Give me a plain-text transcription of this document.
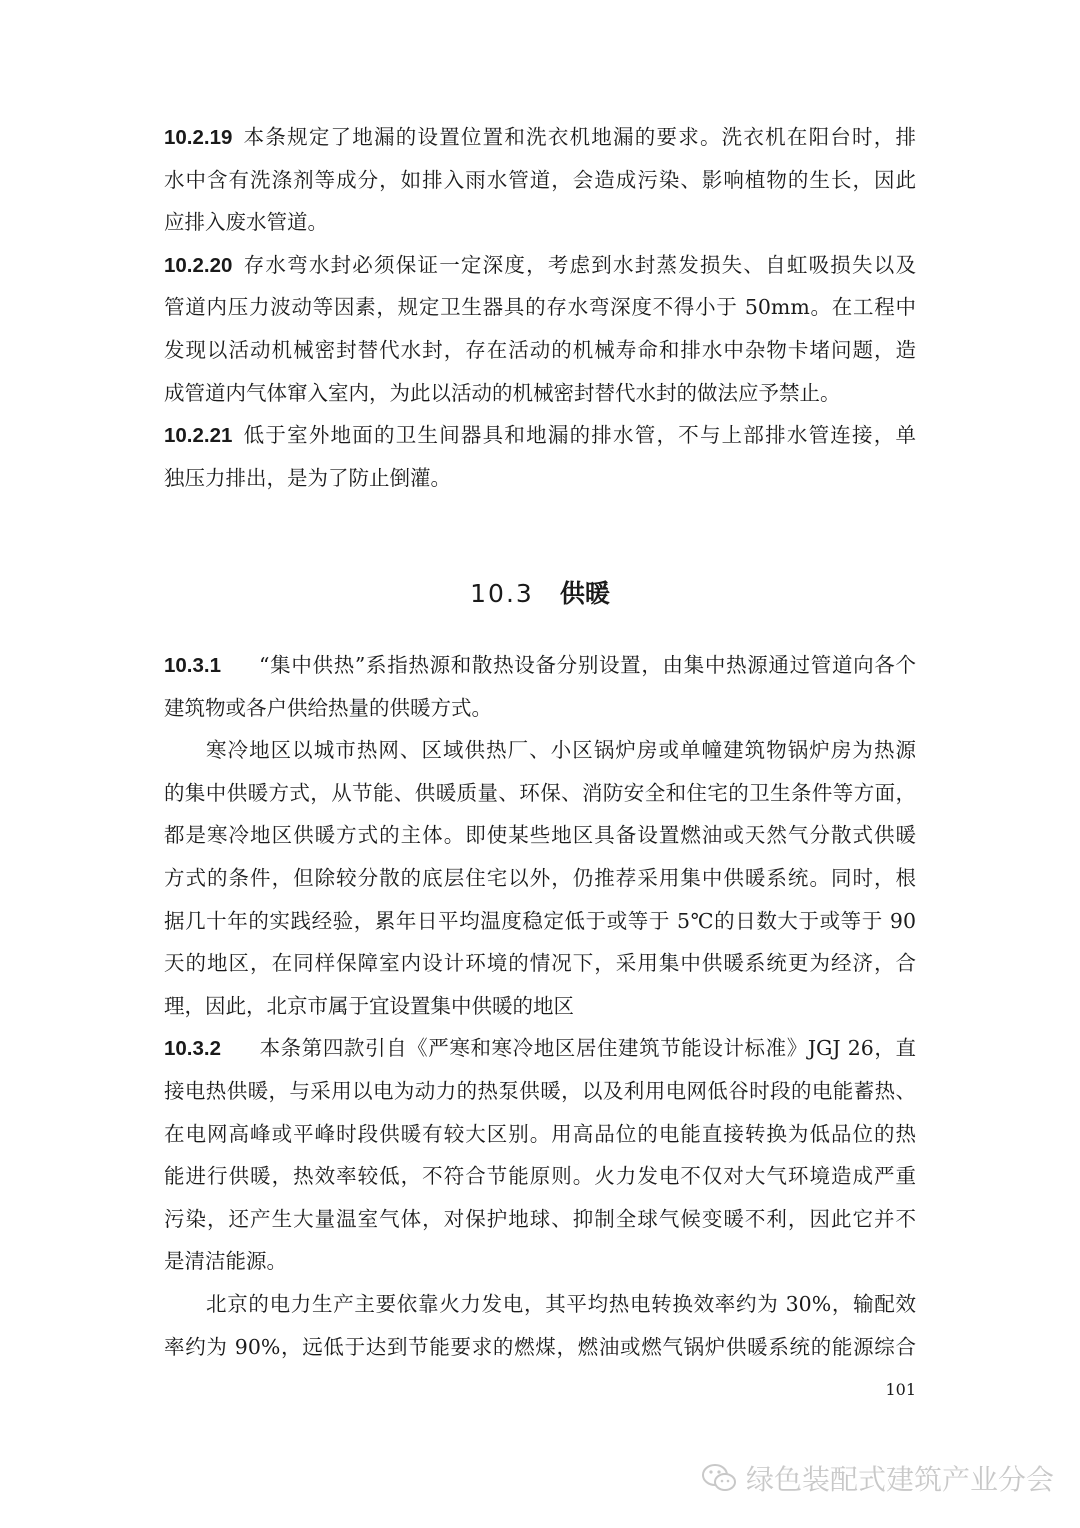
10.2.19 本条规定了地漏的设置位置和洗衣机地漏的要求。洗衣机在阳台时，排
水中含有洗涤剂等成分，如排入雨水管道，会造成污染、影响植物的生长，因此
应排入废水管道。
10.2.20 存水弯水封必须保证一定深度，考虑到水封蒸发损失、自虹吸损失以及
管道内压力波动等因素，规定卫生器具的存水弯深度不得小于 50mm。在工程中
发现以活动机械密封替代水封，存在活动的机械寿命和排水中杂物卡堵问题，造
成管道内气体窜入室内，为此以活动的机械密封替代水封的做法应予禁止。
10.2.21 低于室外地面的卫生间器具和地漏的排水管，不与上部排水管连接，单
独压力排出，是为了防止倒灌。
10.3 供暖
10.3.1 “集中供热”系指热源和散热设备分别设置，由集中热源通过管道向各个
建筑物或各户供给热量的供暖方式。
寒冷地区以城市热网、区域供热厂、小区锅炉房或单幢建筑物锅炉房为热源
的集中供暖方式，从节能、供暖质量、环保、消防安全和住宅的卫生条件等方面，
都是寒冷地区供暖方式的主体。即使某些地区具备设置燃油或天然气分散式供暖
方式的条件，但除较分散的底层住宅以外，仍推荐采用集中供暖系统。同时，根
据几十年的实践经验，累年日平均温度稳定低于或等于 5℃的日数大于或等于 90
天的地区，在同样保障室内设计环境的情况下，采用集中供暖系统更为经济，合
理，因此，北京市属于宜设置集中供暖的地区
10.3.2 本条第四款引自《严寒和寒冷地区居住建筑节能设计标准》JGJ 26，直
接电热供暖，与采用以电为动力的热泵供暖，以及利用电网低谷时段的电能蓄热、
在电网高峰或平峰时段供暖有较大区别。用高品位的电能直接转换为低品位的热
能进行供暖，热效率较低，不符合节能原则。火力发电不仅对大气环境造成严重
污染，还产生大量温室气体，对保护地球、抑制全球气候变暖不利，因此它并不
是清洁能源。
北京的电力生产主要依靠火力发电，其平均热电转换效率约为 30%，输配效
率约为 90%，远低于达到节能要求的燃煤，燃油或燃气锅炉供暖系统的能源综合
101
绿色装配式建筑产业分会
